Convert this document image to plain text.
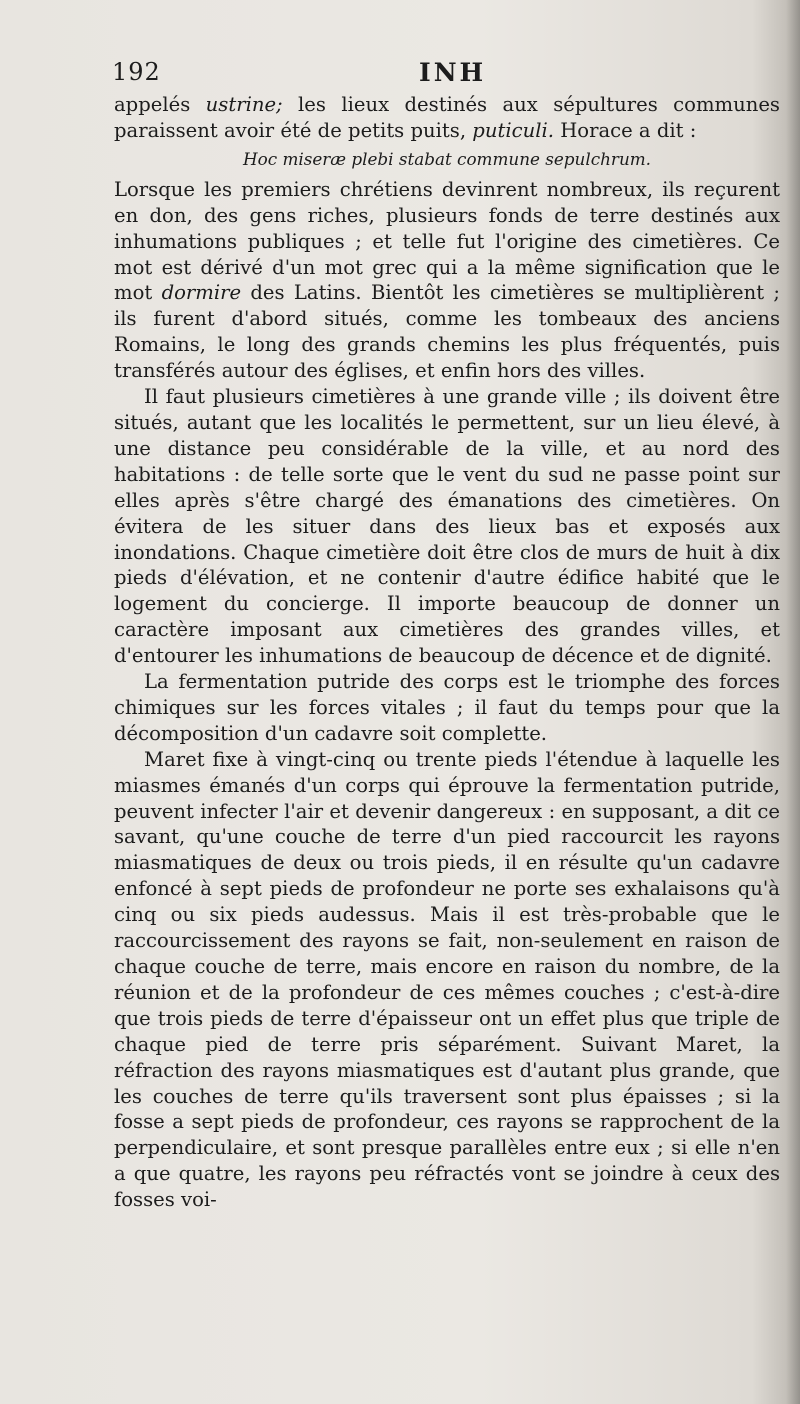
192	INH

appelés ustrine; les lieux destinés aux sépultures communes paraissent avoir été de petits puits, puticuli. Horace a dit :

Hoc miseræ plebi stabat commune sepulchrum.

Lorsque les premiers chrétiens devinrent nombreux, ils reçurent en don, des gens riches, plusieurs fonds de terre destinés aux inhumations publiques ; et telle fut l'origine des cimetières. Ce mot est dérivé d'un mot grec qui a la même signification que le mot dormire des Latins. Bientôt les cimetières se multiplièrent ; ils furent d'abord situés, comme les tombeaux des anciens Romains, le long des grands chemins les plus fréquentés, puis transférés autour des églises, et enfin hors des villes.

Il faut plusieurs cimetières à une grande ville ; ils doivent être situés, autant que les localités le permettent, sur un lieu élevé, à une distance peu considérable de la ville, et au nord des habitations : de telle sorte que le vent du sud ne passe point sur elles après s'être chargé des émanations des cimetières. On évitera de les situer dans des lieux bas et exposés aux inondations. Chaque cimetière doit être clos de murs de huit à dix pieds d'élévation, et ne contenir d'autre édifice habité que le logement du concierge. Il importe beaucoup de donner un caractère imposant aux cimetières des grandes villes, et d'entourer les inhumations de beaucoup de décence et de dignité.

La fermentation putride des corps est le triomphe des forces chimiques sur les forces vitales ; il faut du temps pour que la décomposition d'un cadavre soit complette.

Maret fixe à vingt-cinq ou trente pieds l'étendue à laquelle les miasmes émanés d'un corps qui éprouve la fermentation putride, peuvent infecter l'air et devenir dangereux : en supposant, a dit ce savant, qu'une couche de terre d'un pied raccourcit les rayons miasmatiques de deux ou trois pieds, il en résulte qu'un cadavre enfoncé à sept pieds de profondeur ne porte ses exhalaisons qu'à cinq ou six pieds audessus. Mais il est très-probable que le raccourcissement des rayons se fait, non-seulement en raison de chaque couche de terre, mais encore en raison du nombre, de la réunion et de la profondeur de ces mêmes couches ; c'est-à-dire que trois pieds de terre d'épaisseur ont un effet plus que triple de chaque pied de terre pris séparément. Suivant Maret, la réfraction des rayons miasmatiques est d'autant plus grande, que les couches de terre qu'ils traversent sont plus épaisses ; si la fosse a sept pieds de profondeur, ces rayons se rapprochent de la perpendiculaire, et sont presque parallèles entre eux ; si elle n'en a que quatre, les rayons peu réfractés vont se joindre à ceux des fosses voi-
